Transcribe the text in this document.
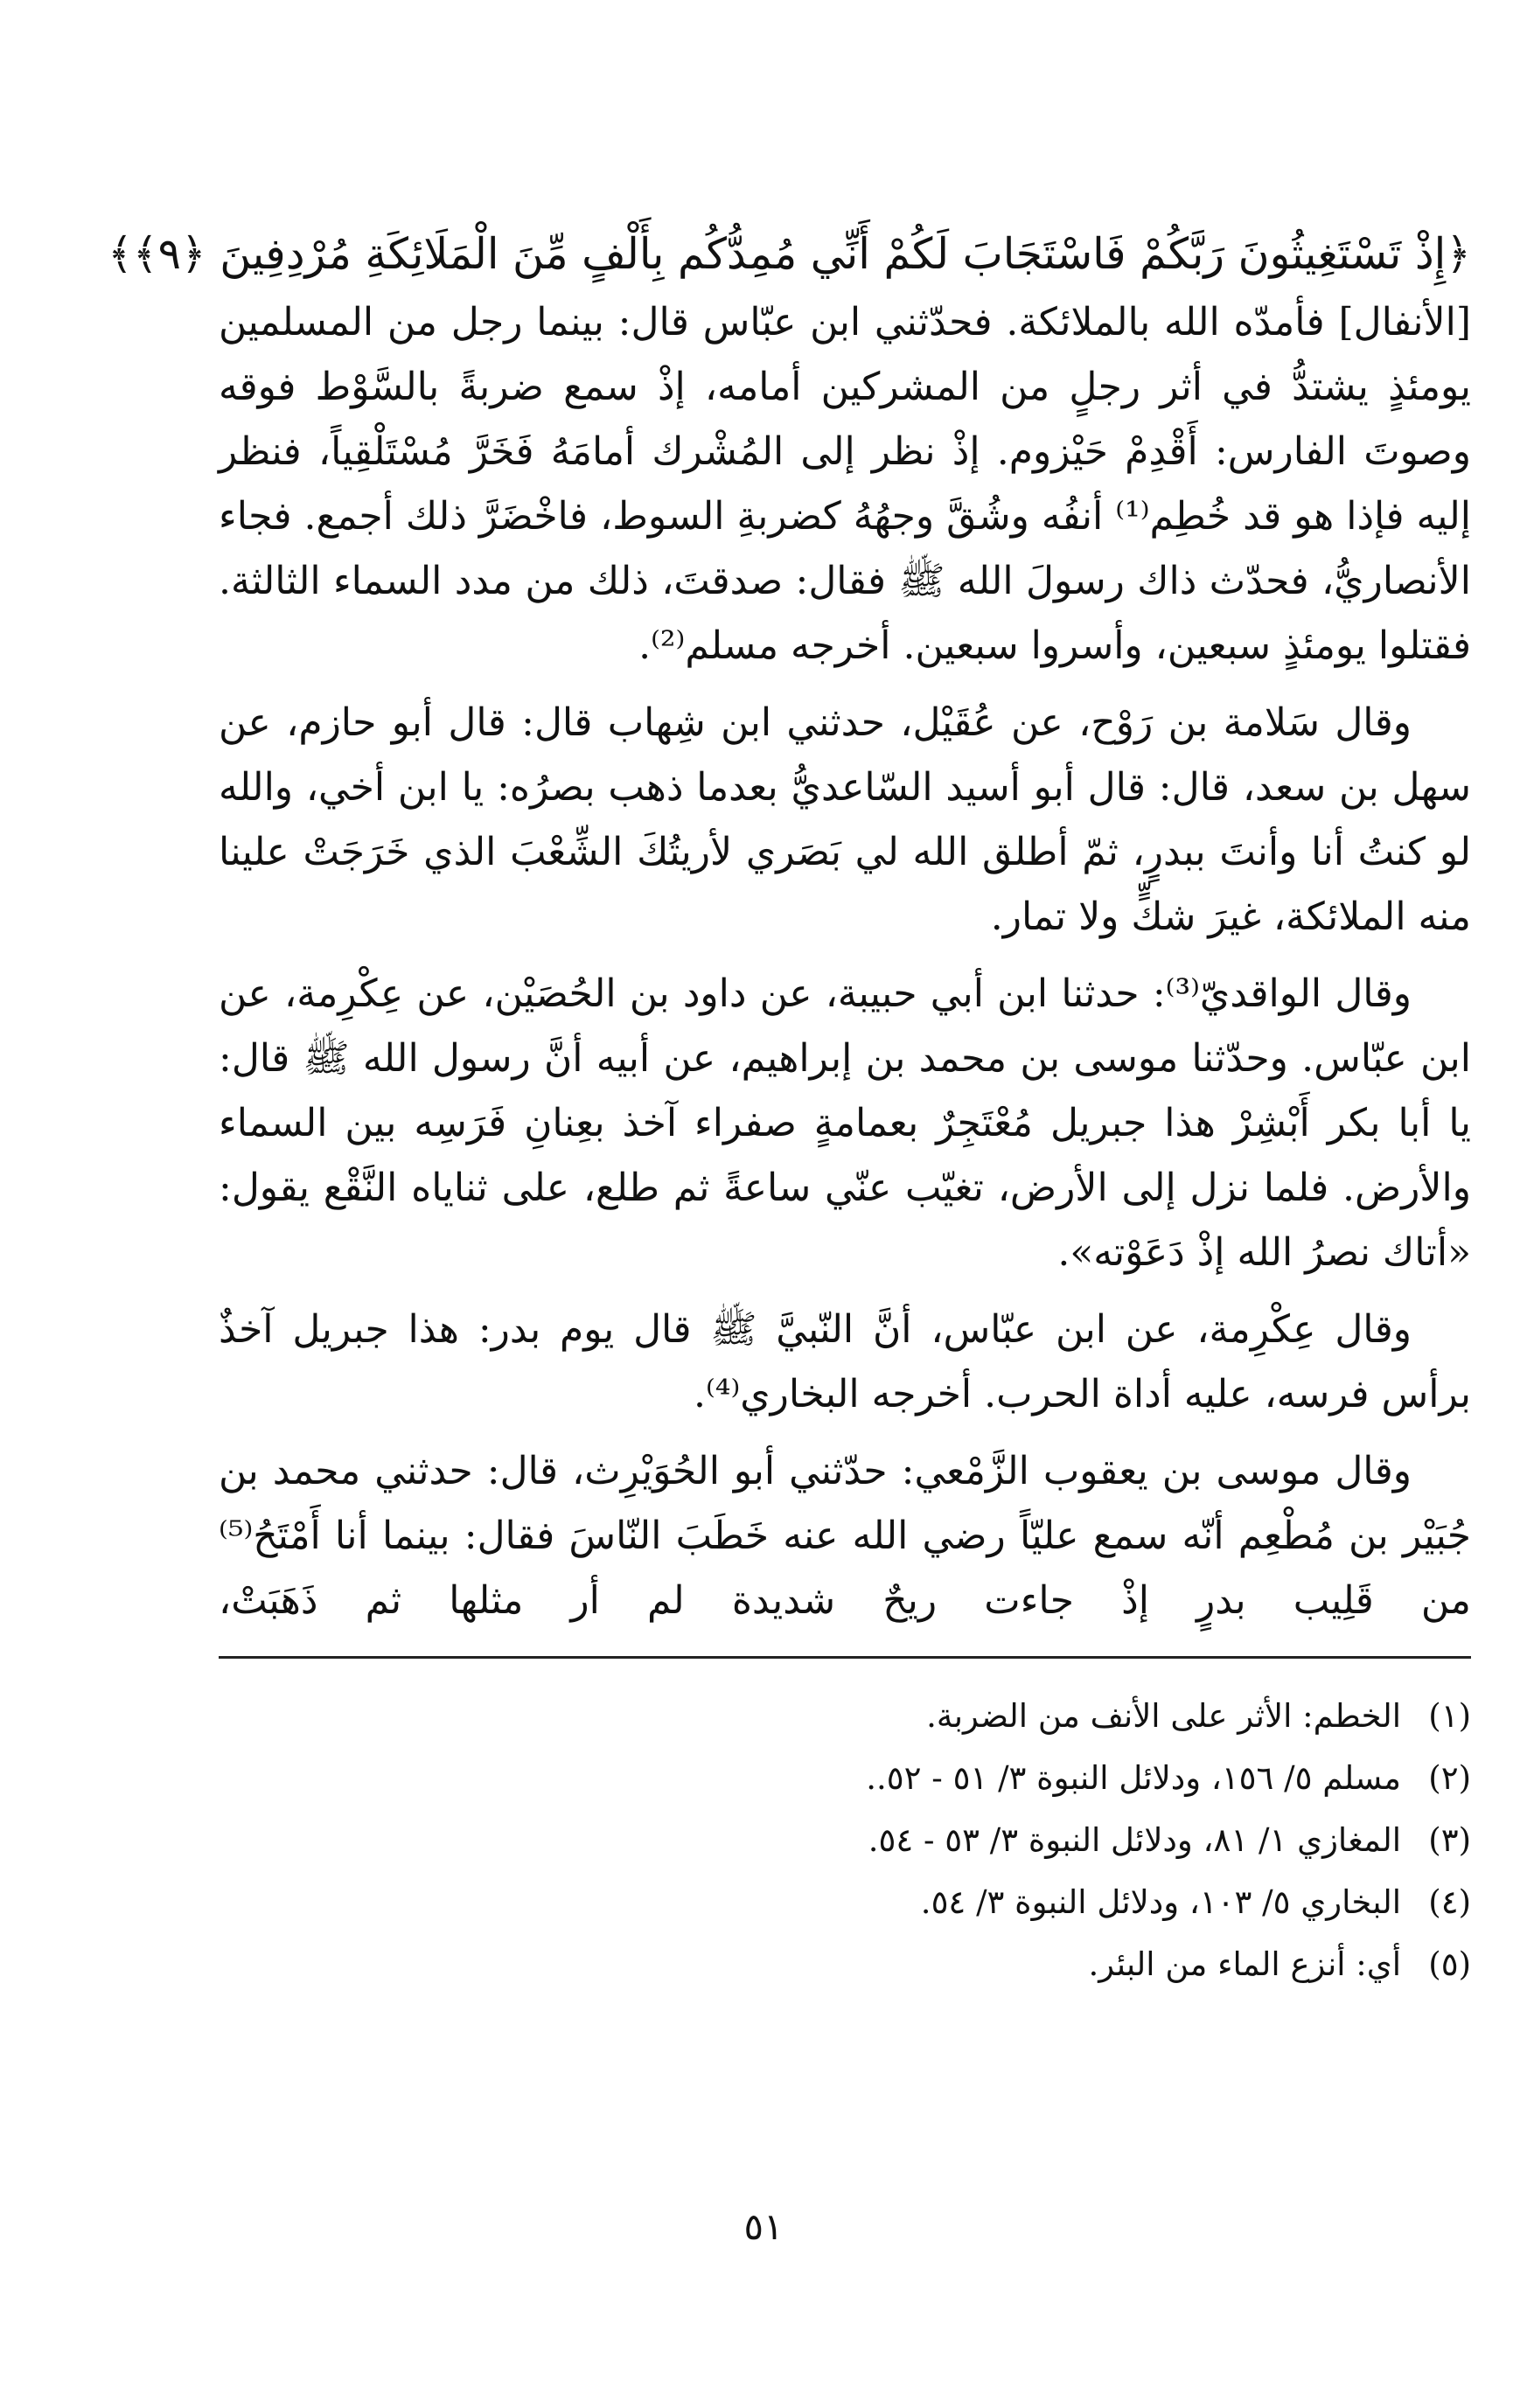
﴿إِذْ تَسْتَغِيثُونَ رَبَّكُمْ فَاسْتَجَابَ لَكُمْ أَنِّي مُمِدُّكُم بِأَلْفٍ مِّنَ الْمَلَائِكَةِ مُرْدِفِينَ ﴿٩﴾﴾

[الأنفال] فأمدّه الله بالملائكة. فحدّثني ابن عبّاس قال: بينما رجل من المسلمين يومئذٍ يشتدُّ في أثر رجلٍ من المشركين أمامه، إذْ سمع ضربةً بالسَّوْط فوقه وصوتَ الفارس: أَقْدِمْ حَيْزوم. إذْ نظر إلى المُشْرك أمامَهُ فَخَرَّ مُسْتَلْقِياً، فنظر إليه فإذا هو قد خُطِم⁽¹⁾ أنفُه وشُقَّ وجهُهُ كضربةِ السوط، فاخْضَرَّ ذلك أجمع. فجاء الأنصاريُّ، فحدّث ذاك رسولَ الله ﷺ فقال: صدقتَ، ذلك من مدد السماء الثالثة. فقتلوا يومئذٍ سبعين، وأسروا سبعين. أخرجه مسلم⁽²⁾.

وقال سَلامة بن رَوْح، عن عُقَيْل، حدثني ابن شِهاب قال: قال أبو حازم، عن سهل بن سعد، قال: قال أبو أسيد السّاعديُّ بعدما ذهب بصرُه: يا ابن أخي، والله لو كنتُ أنا وأنتَ ببدرٍ، ثمّ أطلق الله لي بَصَري لأريتُكَ الشِّعْبَ الذي خَرَجَتْ علينا منه الملائكة، غيرَ شكٍّ ولا تمار.

وقال الواقديّ⁽³⁾: حدثنا ابن أبي حبيبة، عن داود بن الحُصَيْن، عن عِكْرِمة، عن ابن عبّاس. وحدّثنا موسى بن محمد بن إبراهيم، عن أبيه أنَّ رسول الله ﷺ قال: يا أبا بكر أَبْشِرْ هذا جبريل مُعْتَجِرٌ بعمامةٍ صفراء آخذ بعِنانِ فَرَسِه بين السماء والأرض. فلما نزل إلى الأرض، تغيّب عنّي ساعةً ثم طلع، على ثناياه النَّقْع يقول: «أتاك نصرُ الله إذْ دَعَوْته».

وقال عِكْرِمة، عن ابن عبّاس، أنَّ النّبيَّ ﷺ قال يوم بدر: هذا جبريل آخذٌ برأس فرسه، عليه أداة الحرب. أخرجه البخاري⁽⁴⁾.

وقال موسى بن يعقوب الزَّمْعي: حدّثني أبو الحُوَيْرِث، قال: حدثني محمد بن جُبَيْر بن مُطْعِم أنّه سمع عليّاً رضي الله عنه خَطَبَ النّاسَ فقال: بينما أنا أَمْتَحُ⁽⁵⁾ من قَلِيب بدرٍ إذْ جاءت ريحٌ شديدة لم أر مثلها ثم ذَهَبَتْ،

(١)
الخطم: الأثر على الأنف من الضربة.
(٢)
مسلم ٥/ ١٥٦، ودلائل النبوة ٣/ ٥١ - ٥٢..
(٣)
المغازي ١/ ٨١، ودلائل النبوة ٣/ ٥٣ - ٥٤.
(٤)
البخاري ٥/ ١٠٣، ودلائل النبوة ٣/ ٥٤.
(٥)
أي: أنزع الماء من البئر.
٥١
